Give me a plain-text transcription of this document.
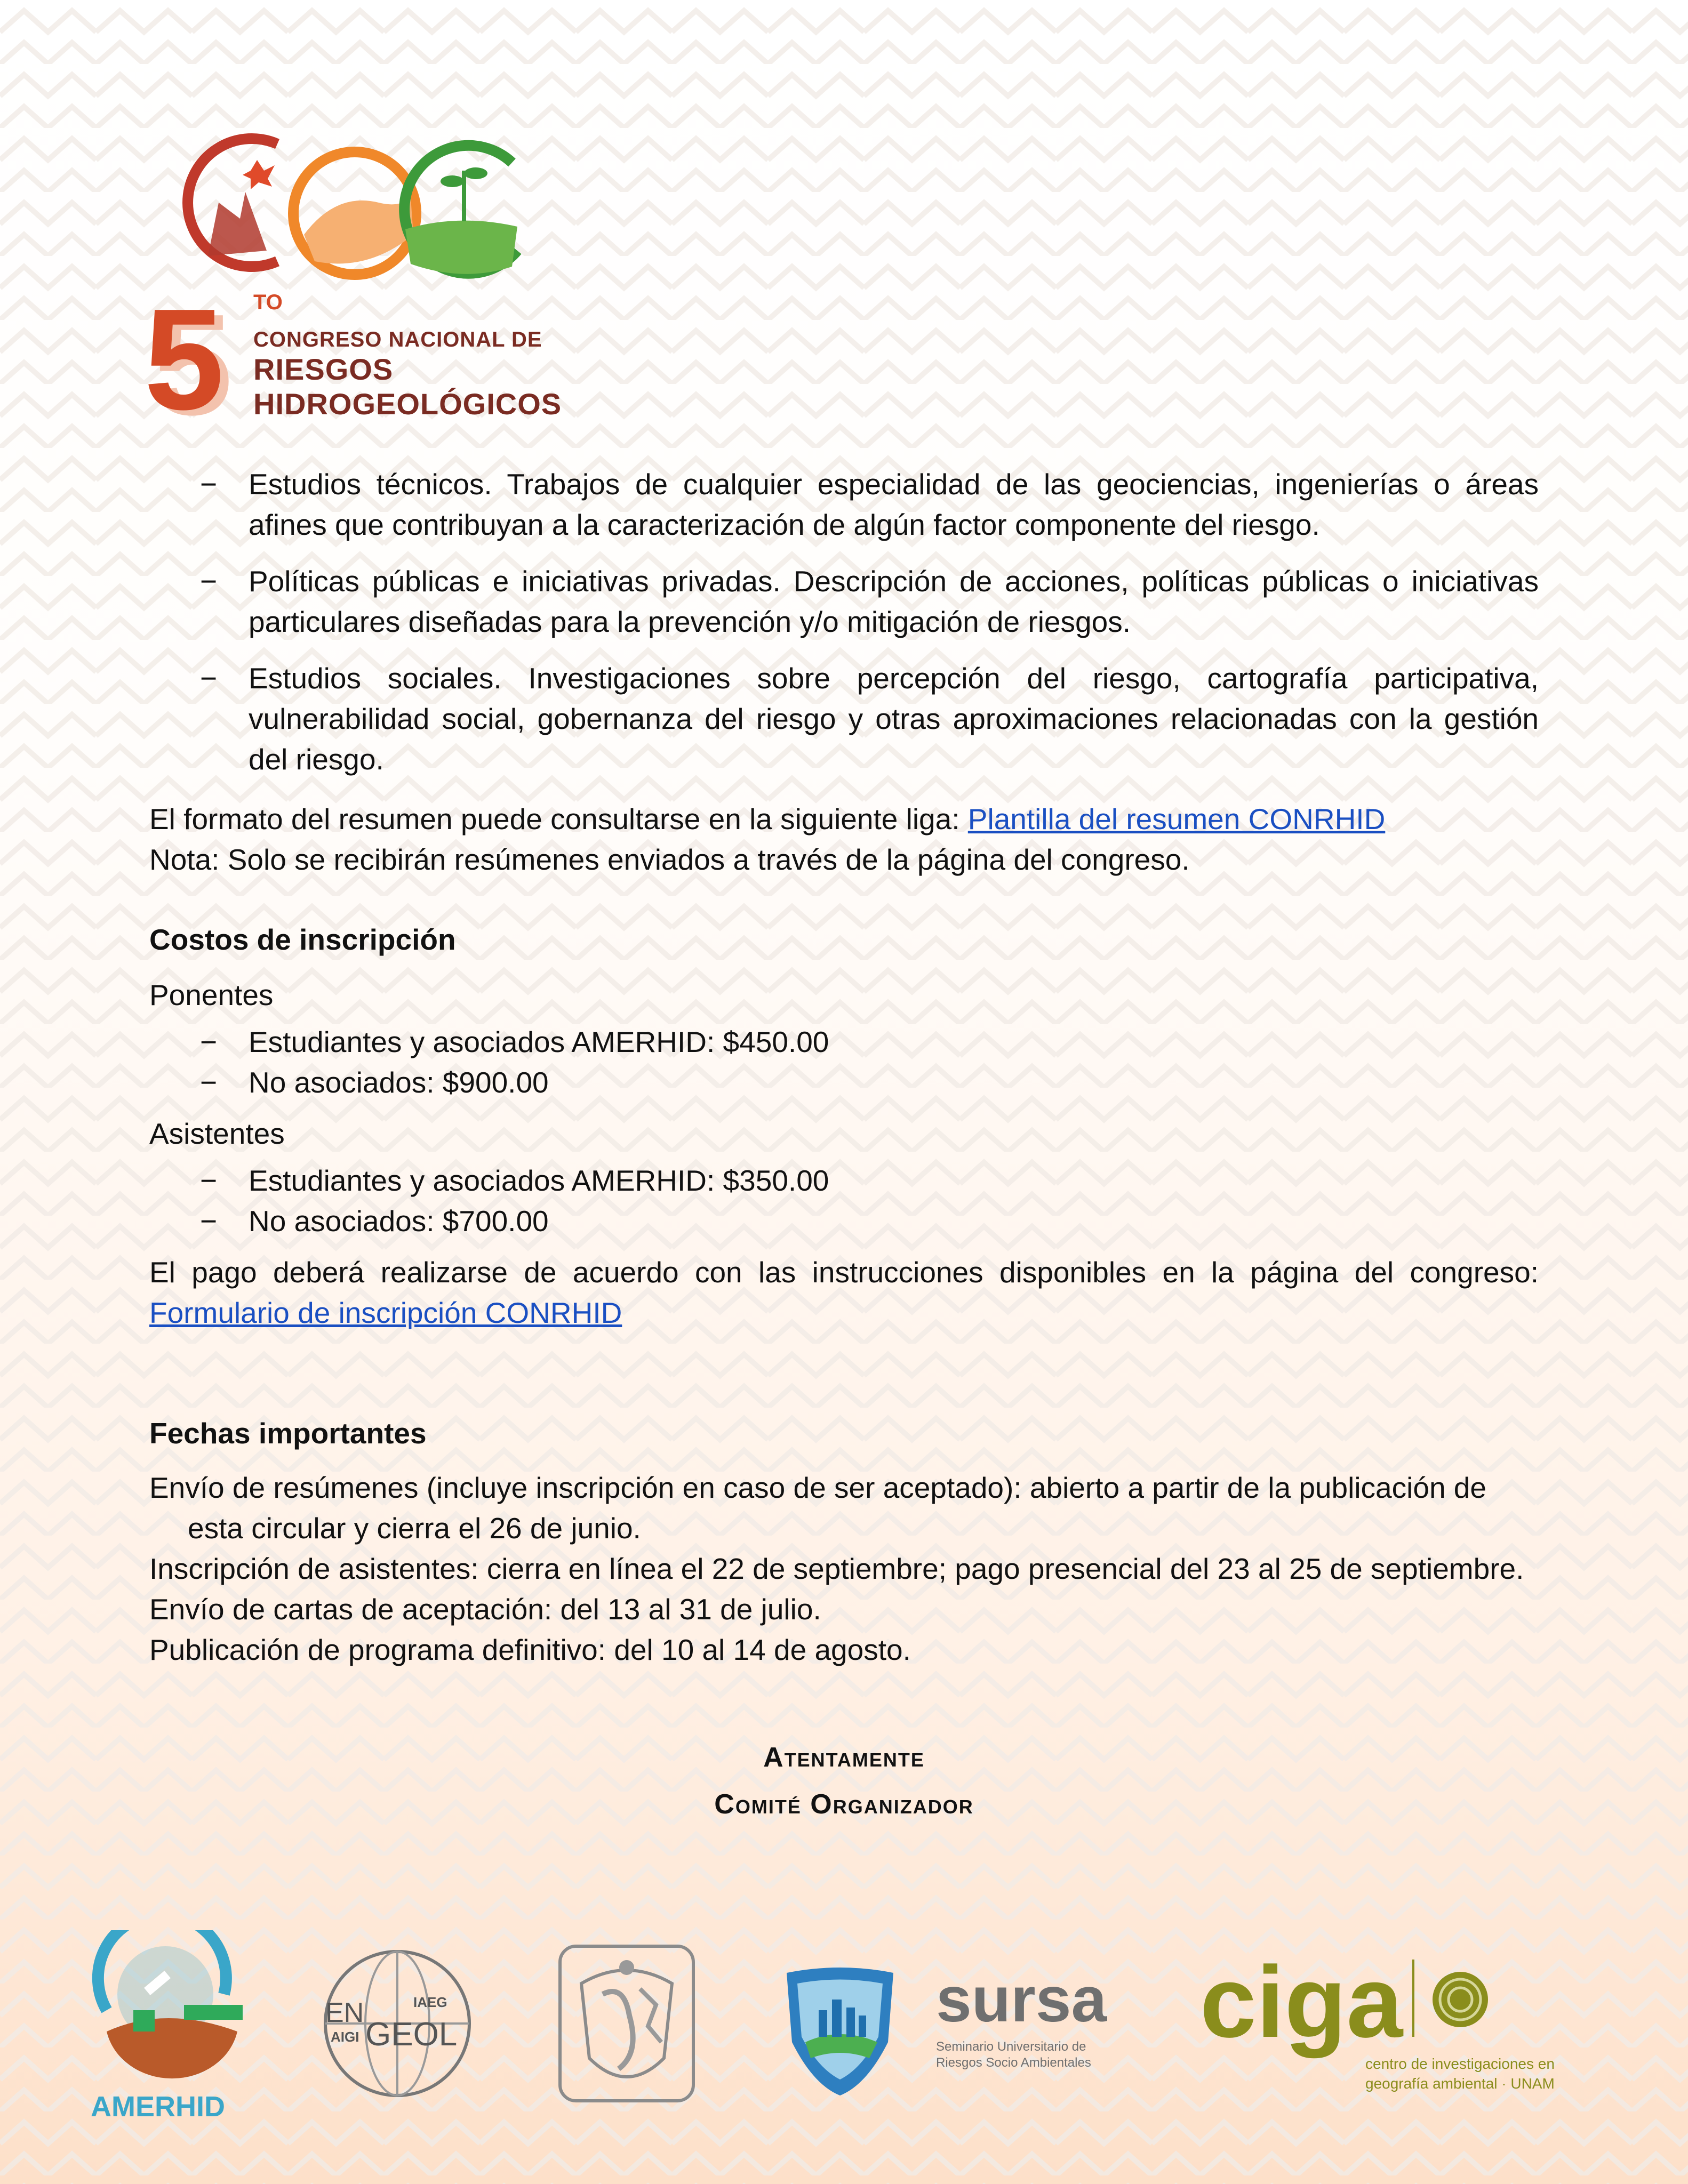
5 TO
CONGRESO NACIONAL DE
RIESGOS HIDROGEOLÓGICOS
− Estudios técnicos. Trabajos de cualquier especialidad de las geociencias, ingenierías o áreas afines que contribuyan a la caracterización de algún factor componente del riesgo.
− Políticas públicas e iniciativas privadas. Descripción de acciones, políticas públicas o iniciativas particulares diseñadas para la prevención y/o mitigación de riesgos.
− Estudios sociales. Investigaciones sobre percepción del riesgo, cartografía participativa, vulnerabilidad social, gobernanza del riesgo y otras aproximaciones relacionadas con la gestión del riesgo.

El formato del resumen puede consultarse en la siguiente liga: Plantilla del resumen CONRHID

Nota: Solo se recibirán resúmenes enviados a través de la página del congreso.

Costos de inscripción

Ponentes

− Estudiantes y asociados AMERHID: $450.00
− No asociados: $900.00

Asistentes

− Estudiantes y asociados AMERHID: $350.00
− No asociados: $700.00

El pago deberá realizarse de acuerdo con las instrucciones disponibles en la página del congreso:

Formulario de inscripción CONRHID

Fechas importantes

Envío de resúmenes (incluye inscripción en caso de ser aceptado): abierto a partir de la publicación de esta circular y cierra el 26 de junio.

Inscripción de asistentes: cierra en línea el 22 de septiembre; pago presencial del 23 al 25 de septiembre.

Envío de cartas de aceptación: del 13 al 31 de julio.

Publicación de programa definitivo: del 10 al 14 de agosto.

Atentamente
Comité Organizador
AMERHID
EN
AIGI
IAEG
GEOL	sursa
Seminario Universitario de
Riesgos Socio Ambientales
ciga
centro de investigaciones en
geografía ambiental · UNAM
